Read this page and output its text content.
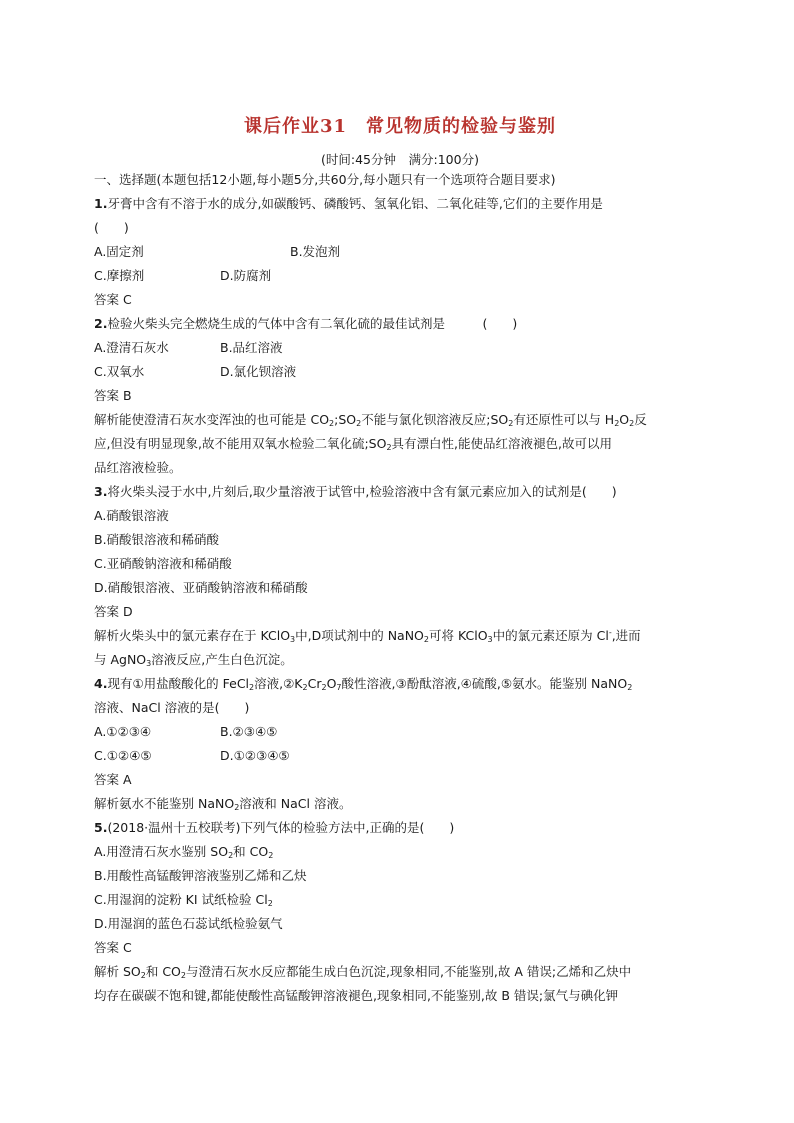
课后作业31　常见物质的检验与鉴别
(时间:45分钟　满分:100分)
一、选择题(本题包括12小题,每小题5分,共60分,每小题只有一个选项符合题目要求)
1.牙膏中含有不溶于水的成分,如碳酸钙、磷酸钙、氢氧化铝、二氧化硅等,它们的主要作用是
(　　)
A.固定剂	B.发泡剂
C.摩擦剂	D.防腐剂
答案 C
2.检验火柴头完全燃烧生成的气体中含有二氧化硫的最佳试剂是　　　(　　)
A.澄清石灰水	B.品红溶液
C.双氧水	D.氯化钡溶液
答案 B
解析能使澄清石灰水变浑浊的也可能是 $CO_2;SO_2$不能与氯化钡溶液反应$;SO_2$有还原性可以与 $H_2O_2$反
应,但没有明显现象,故不能用双氧水检验二氧化硫$;SO_2$具有漂白性,能使品红溶液褪色,故可以用
品红溶液检验。
3.将火柴头浸于水中,片刻后,取少量溶液于试管中,检验溶液中含有氯元素应加入的试剂是(　　)
A.硝酸银溶液
B.硝酸银溶液和稀硝酸
C.亚硝酸钠溶液和稀硝酸
D.硝酸银溶液、亚硝酸钠溶液和稀硝酸
答案 D
解析火柴头中的氯元素存在于 KClO$_3$中,D项试剂中的 NaNO$_2$可将 KClO$_3$中的氯元素还原为 Cl-,进而
与 AgNO$_3$溶液反应,产生白色沉淀。
4.现有①用盐酸酸化的 FeCl$_2$溶液$,②K_2Cr_2O_7$酸性溶液,③酚酞溶液,④硫酸,⑤氨水。能鉴别 NaNO$_2$
溶液、NaCl 溶液的是(　　)
A.①②③④	B.②③④⑤
C.①②④⑤	D.①②③④⑤
答案 A
解析氨水不能鉴别 NaNO$_2$溶液和 NaCl 溶液。
5.(2018·温州十五校联考)下列气体的检验方法中,正确的是(　　)
A.用澄清石灰水鉴别 $SO_2$和 $CO_2$
B.用酸性高锰酸钾溶液鉴别乙烯和乙炔
C.用湿润的淀粉 KI 试纸检验 $Cl_2$
D.用湿润的蓝色石蕊试纸检验氨气
答案 C
解析 $SO_2$和 $CO_2$与澄清石灰水反应都能生成白色沉淀,现象相同,不能鉴别,故 A 错误;乙烯和乙炔中
均存在碳碳不饱和键,都能使酸性高锰酸钾溶液褪色,现象相同,不能鉴别,故 B 错误;氯气与碘化钾
